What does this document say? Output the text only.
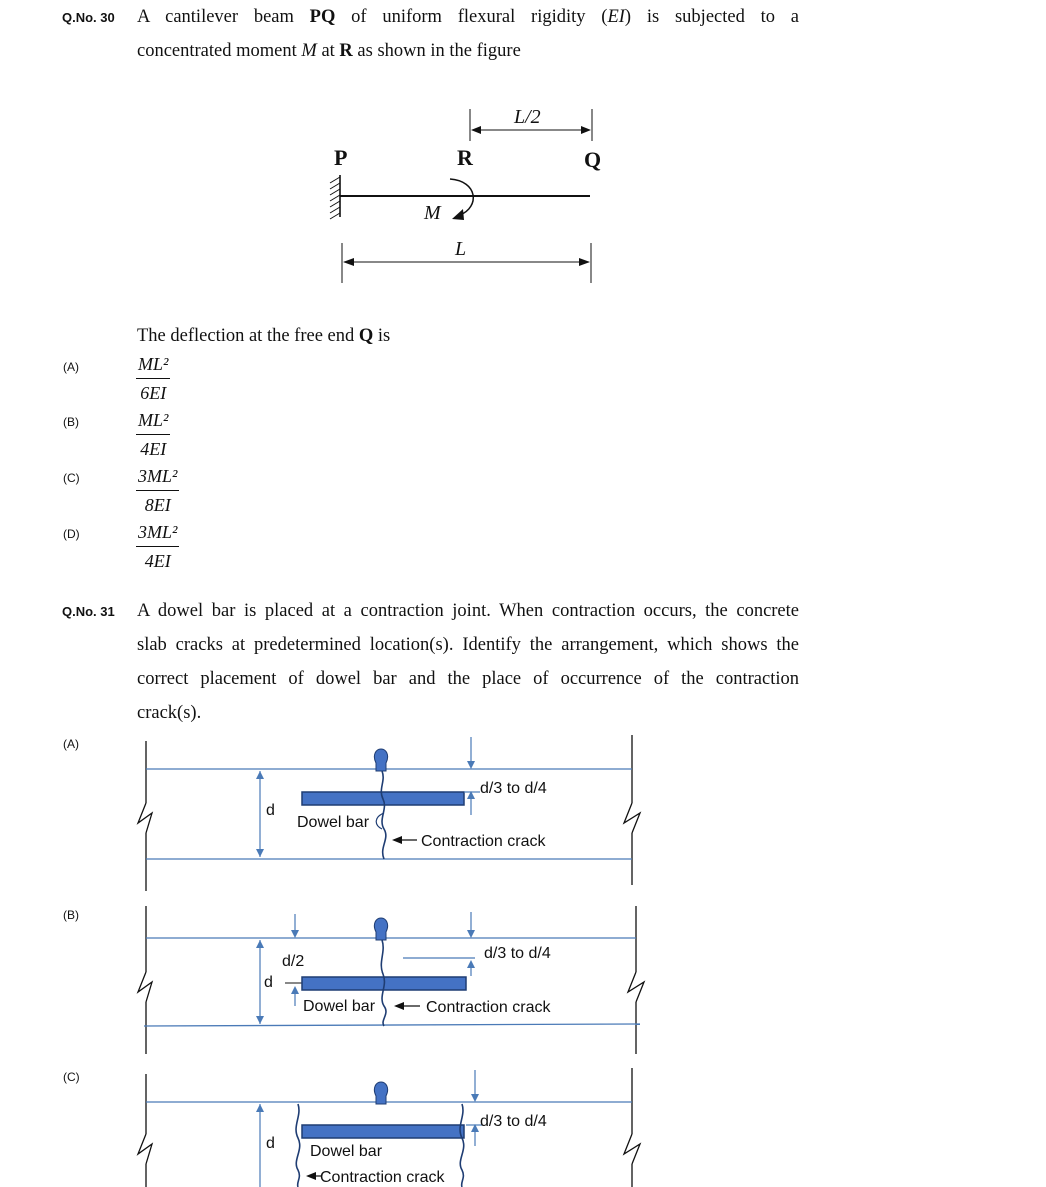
Q.No. 30 A cantilever beam PQ of uniform flexural rigidity (EI) is subjected to a
concentrated moment M at R as shown in the figure
P	R	Q
M
L/2
L
The deflection at the free end Q is
(A)	ML²
6EI
(B)	ML²
4EI
(C)	3ML²
8EI
(D)	3ML²
4EI
Q.No. 31 A dowel bar is placed at a contraction joint. When contraction occurs, the concrete
slab cracks at predetermined location(s). Identify the arrangement, which shows the
correct placement of dowel bar and the place of occurrence of the contraction
crack(s).
(A)
d
Dowel bar
Contraction crack
d/3 to d/4
(B)
d
d/2
Dowel bar	Contraction crack
d/3 to d/4
(C)
d Dowel bar
Contraction crack
d/3 to d/4
